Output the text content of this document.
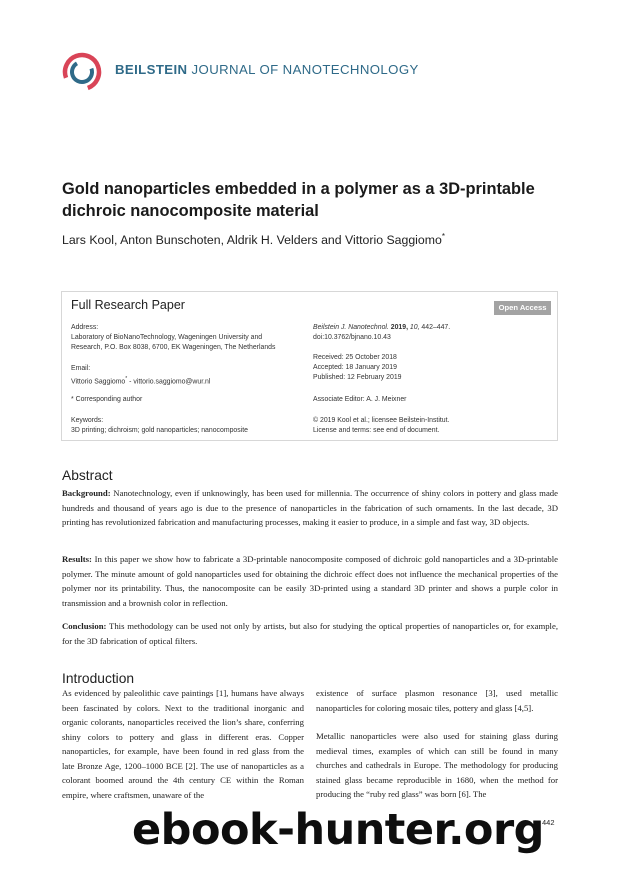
BEILSTEIN JOURNAL OF NANOTECHNOLOGY
Gold nanoparticles embedded in a polymer as a 3D-printable dichroic nanocomposite material
Lars Kool, Anton Bunschoten, Aldrik H. Velders and Vittorio Saggiomo*
Full Research Paper	Open Access
Address:
Laboratory of BioNanoTechnology, Wageningen University and
Research, P.O. Box 8038, 6700, EK Wageningen, The Netherlands
Email:
Vittorio Saggiomo* - vittorio.saggiomo@wur.nl
* Corresponding author
Keywords:
3D printing; dichroism; gold nanoparticles; nanocomposite
Beilstein J. Nanotechnol. 2019, 10, 442–447.
doi:10.3762/bjnano.10.43
Received: 25 October 2018
Accepted: 18 January 2019
Published: 12 February 2019
Associate Editor: A. J. Meixner
© 2019 Kool et al.; licensee Beilstein-Institut.
License and terms: see end of document.
Abstract
Background: Nanotechnology, even if unknowingly, has been used for millennia. The occurrence of shiny colors in pottery and glass made hundreds and thousand of years ago is due to the presence of nanoparticles in the fabrication of such ornaments. In the last decade, 3D printing has revolutionized fabrication and manufacturing processes, making it easier to produce, in a simple and fast way, 3D objects.
Results: In this paper we show how to fabricate a 3D-printable nanocomposite composed of dichroic gold nanoparticles and a 3D-printable polymer. The minute amount of gold nanoparticles used for obtaining the dichroic effect does not influence the mechanical properties of the polymer nor its printability. Thus, the nanocomposite can be easily 3D-printed using a standard 3D printer and shows a purple color in transmission and a brownish color in reflection.
Conclusion: This methodology can be used not only by artists, but also for studying the optical properties of nanoparticles or, for example, for the 3D fabrication of optical filters.
Introduction
As evidenced by paleolithic cave paintings [1], humans have always been fascinated by colors. Next to the traditional inorganic and organic colorants, nanoparticles received the lion’s share, conferring shiny colors to pottery and glass in different eras. Copper nanoparticles, for example, have been found in red glass from the late Bronze Age, 1200–1000 BCE [2]. The use of nanoparticles as a colorant boomed around the 4th century CE within the Roman empire, where craftsmen, unaware of the
existence of surface plasmon resonance [3], used metallic nanoparticles for coloring mosaic tiles, pottery and glass [4,5].
Metallic nanoparticles were also used for staining glass during medieval times, examples of which can still be found in many churches and cathedrals in Europe. The methodology for producing stained glass became reproducible in 1680, when the method for producing the “ruby red glass” was born [6]. The
442
ebook-hunter.org
